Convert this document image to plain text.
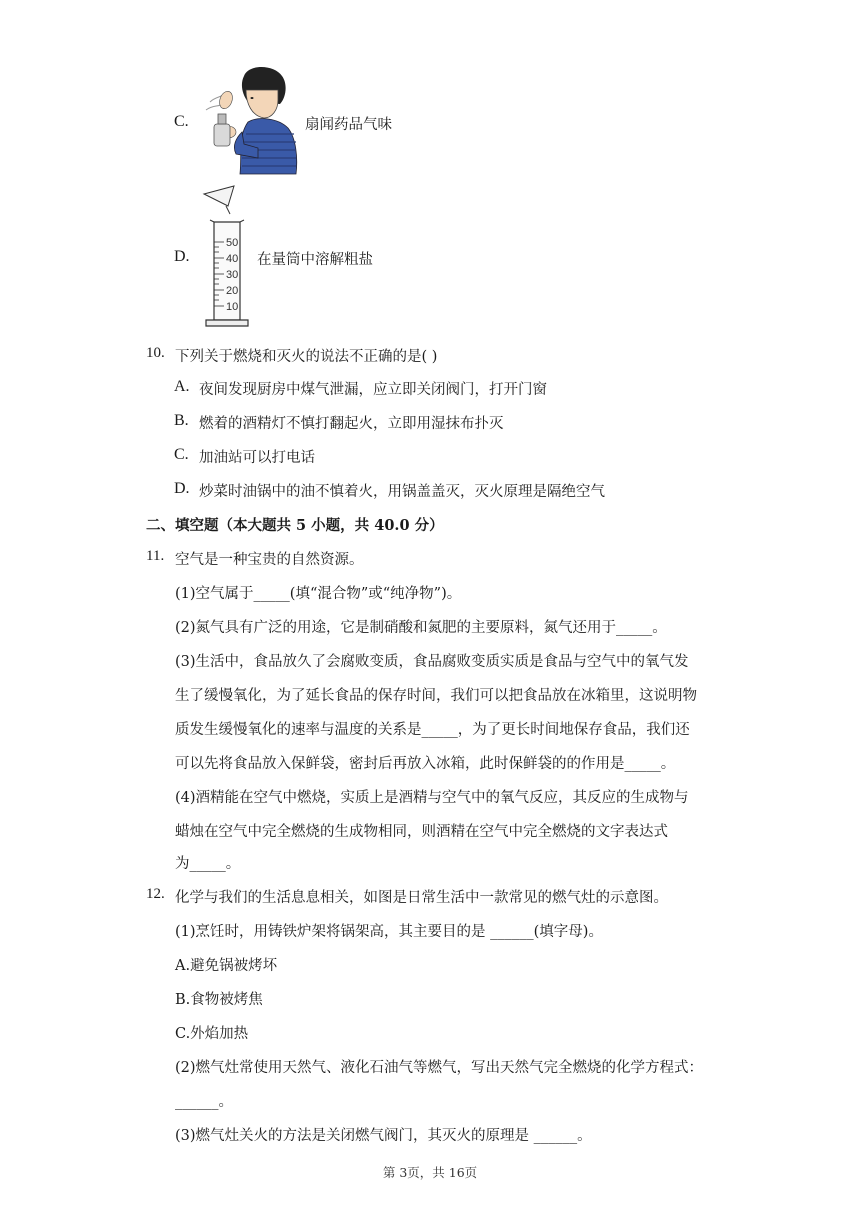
C.	扇闻药品气味
D.
50
40
30
20
10
在量筒中溶解粗盐
10. 下列关于燃烧和灭火的说法不正确的是( )
A. 夜间发现厨房中煤气泄漏，应立即关闭阀门，打开门窗
B. 燃着的酒精灯不慎打翻起火，立即用湿抹布扑灭
C. 加油站可以打电话
D. 炒菜时油锅中的油不慎着火，用锅盖盖灭，灭火原理是隔绝空气
二、填空题（本大题共 5 小题，共 40.0 分）
11. 空气是一种宝贵的自然资源。
(1)空气属于_____(填“混合物”或“纯净物”)。
(2)氮气具有广泛的用途，它是制硝酸和氮肥的主要原料，氮气还用于_____。
(3)生活中，食品放久了会腐败变质，食品腐败变质实质是食品与空气中的氧气发
生了缓慢氧化，为了延长食品的保存时间，我们可以把食品放在冰箱里，这说明物
质发生缓慢氧化的速率与温度的关系是_____，为了更长时间地保存食品，我们还
可以先将食品放入保鲜袋，密封后再放入冰箱，此时保鲜袋的的作用是_____。
(4)酒精能在空气中燃烧，实质上是酒精与空气中的氧气反应，其反应的生成物与
蜡烛在空气中完全燃烧的生成物相同，则酒精在空气中完全燃烧的文字表达式
为_____。
12. 化学与我们的生活息息相关，如图是日常生活中一款常见的燃气灶的示意图。
(1)烹饪时，用铸铁炉架将锅架高，其主要目的是 ______(填字母)。
A.避免锅被烤坏
B.食物被烤焦
C.外焰加热
(2)燃气灶常使用天然气、液化石油气等燃气，写出天然气完全燃烧的化学方程式：
______。
(3)燃气灶关火的方法是关闭燃气阀门，其灭火的原理是 ______。
第 3页，共 16页
